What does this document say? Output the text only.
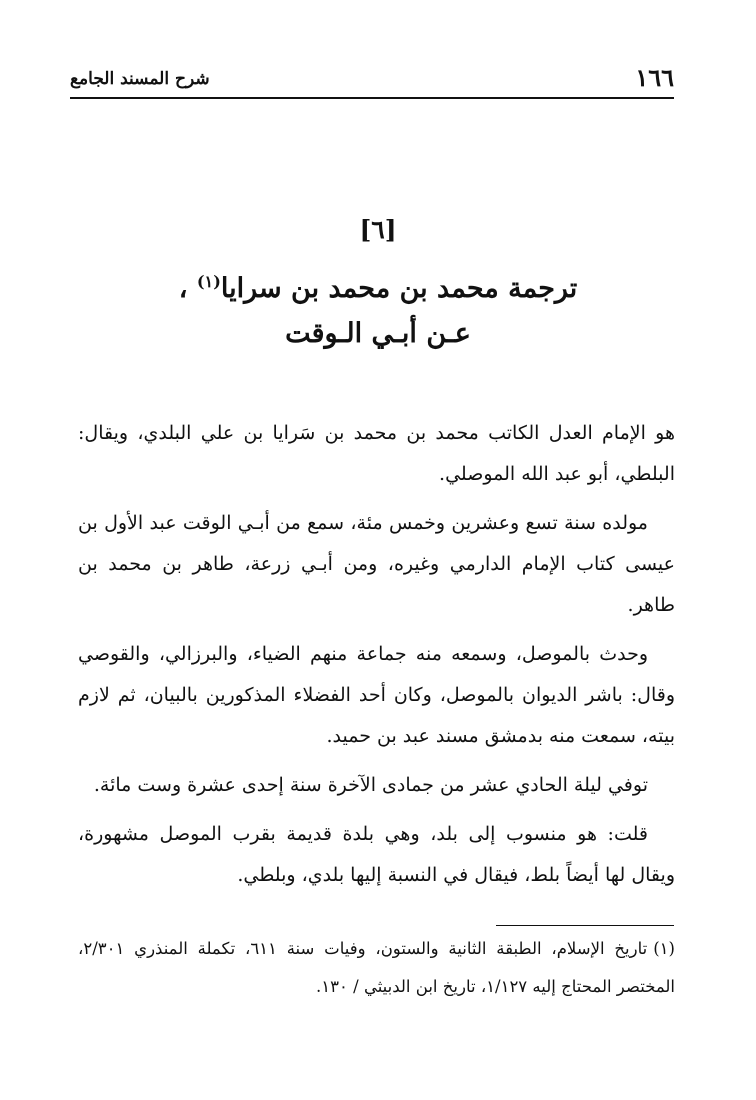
١٦٦
شرح المسند الجامع
[٦]
ترجمة محمد بن محمد بن سرايا$^{(١)}$ ،
عـن أبـي الـوقت

هو الإمام العدل الكاتب محمد بن محمد بن سَرايا بن علي البلدي، ويقال: البلطي، أبو عبد الله الموصلي.

مولده سنة تسع وعشرين وخمس مئة، سمع من أبـي الوقت عبد الأول بن عيسى كتاب الإمام الدارمي وغيره، ومن أبـي زرعة، طاهر بن محمد بن طاهر.

وحدث بالموصل، وسمعه منه جماعة منهم الضياء، والبرزالي، والقوصي وقال: باشر الديوان بالموصل، وكان أحد الفضلاء المذكورين بالبيان، ثم لازم بيته، سمعت منه بدمشق مسند عبد بن حميد.

توفي ليلة الحادي عشر من جمادى الآخرة سنة إحدى عشرة وست مائة.

قلت: هو منسوب إلى بلد، وهي بلدة قديمة بقرب الموصل مشهورة، ويقال لها أيضاً بلط، فيقال في النسبة إليها بلدي، وبلطي.

(١)تاريخ الإسلام، الطبقة الثانية والستون، وفيات سنة ٦١١، تكملة المنذري ٢/٣٠١، المختصر المحتاج إليه ١/١٢٧، تاريخ ابن الدبيثي / ١٣٠.
